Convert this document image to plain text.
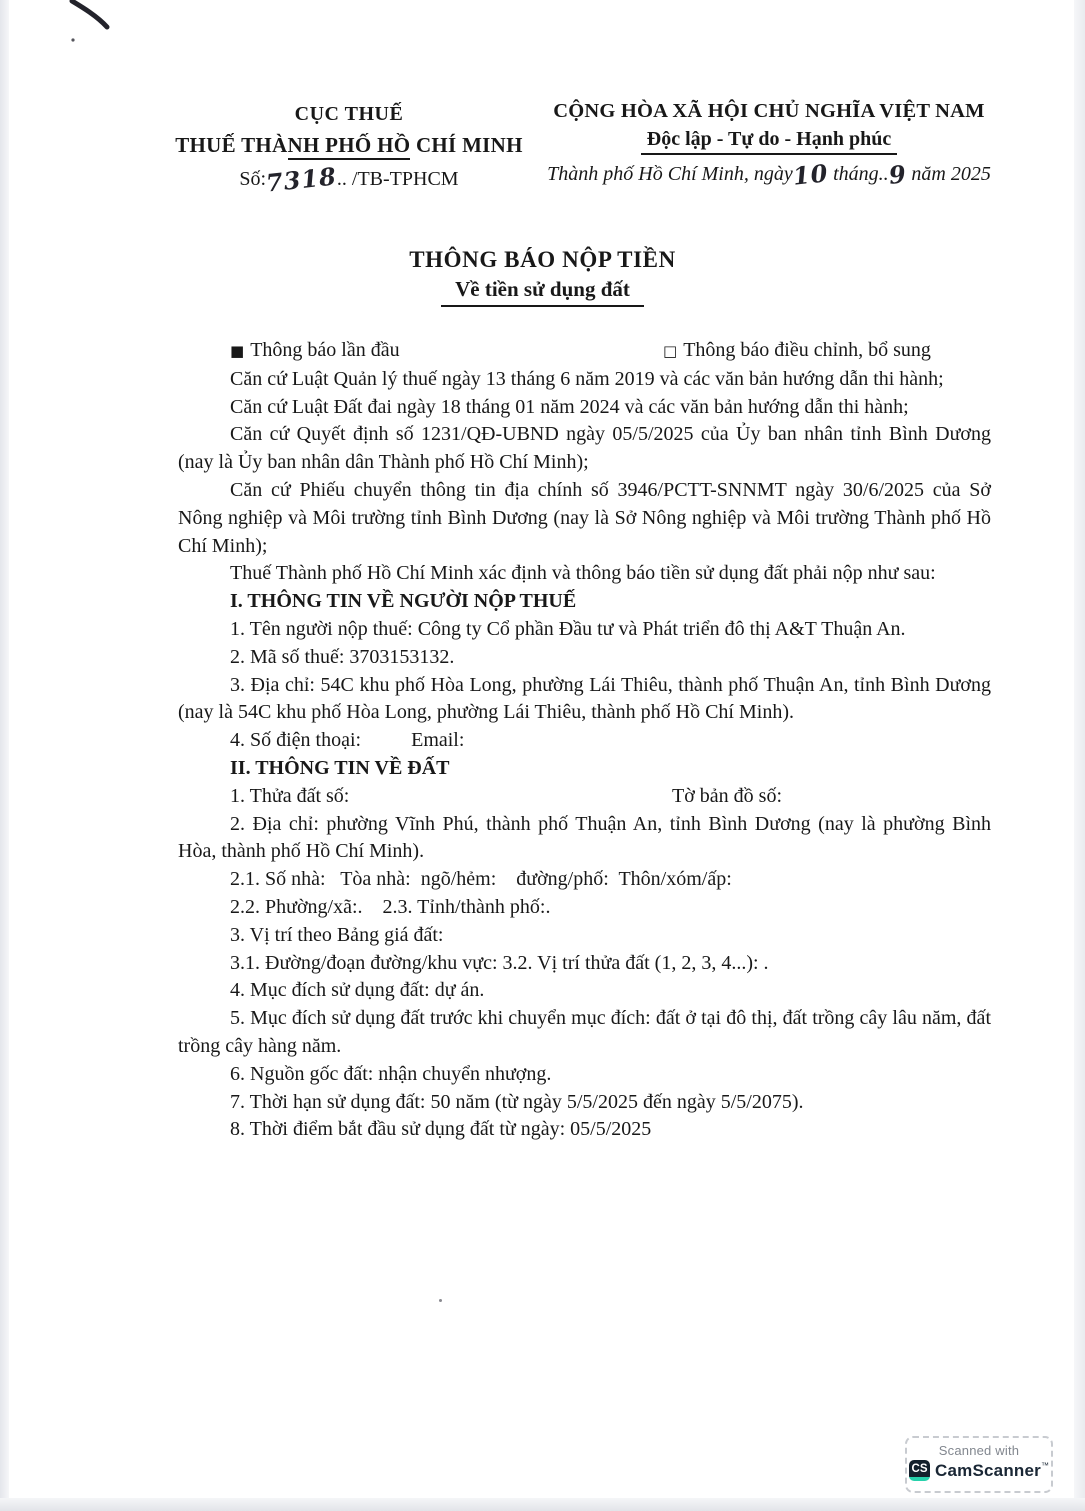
CỤC THUẾ
THUẾ THÀNH PHỐ HỒ CHÍ MINH
Số:7318.. /TB-TPHCM
CỘNG HÒA XÃ HỘI CHỦ NGHĨA VIỆT NAM
Độc lập - Tự do - Hạnh phúc
Thành phố Hồ Chí Minh, ngày10 tháng..9 năm 2025
THÔNG BÁO NỘP TIỀN
Về tiền sử dụng đất

■ Thông báo lần đầu	□ Thông báo điều chỉnh, bổ sung

Căn cứ Luật Quản lý thuế ngày 13 tháng 6 năm 2019 và các văn bản hướng dẫn thi hành;

Căn cứ Luật Đất đai ngày 18 tháng 01 năm 2024 và các văn bản hướng dẫn thi hành;

Căn cứ Quyết định số 1231/QĐ-UBND ngày 05/5/2025 của Ủy ban nhân tỉnh Bình Dương (nay là Ủy ban nhân dân Thành phố Hồ Chí Minh);

Căn cứ Phiếu chuyển thông tin địa chính số 3946/PCTT-SNNMT ngày 30/6/2025 của Sở Nông nghiệp và Môi trường tỉnh Bình Dương (nay là Sở Nông nghiệp và Môi trường Thành phố Hồ Chí Minh);

Thuế Thành phố Hồ Chí Minh xác định và thông báo tiền sử dụng đất phải nộp như sau:

I. THÔNG TIN VỀ NGƯỜI NỘP THUẾ

1. Tên người nộp thuế: Công ty Cổ phần Đầu tư và Phát triển đô thị A&T Thuận An.

2. Mã số thuế: 3703153132.

3. Địa chỉ: 54C khu phố Hòa Long, phường Lái Thiêu, thành phố Thuận An, tỉnh Bình Dương (nay là 54C khu phố Hòa Long, phường Lái Thiêu, thành phố Hồ Chí Minh).

4. Số điện thoại:          Email:

II. THÔNG TIN VỀ ĐẤT

1. Thửa đất số:	Tờ bản đồ số:

2. Địa chỉ: phường Vĩnh Phú, thành phố Thuận An, tỉnh Bình Dương (nay là phường Bình Hòa, thành phố Hồ Chí Minh).

2.1. Số nhà:   Tòa nhà:  ngõ/hẻm:    đường/phố:  Thôn/xóm/ấp:

2.2. Phường/xã:.    2.3. Tỉnh/thành phố:.

3. Vị trí theo Bảng giá đất:

3.1. Đường/đoạn đường/khu vực: 3.2. Vị trí thửa đất (1, 2, 3, 4...): .

4. Mục đích sử dụng đất: dự án.

5. Mục đích sử dụng đất trước khi chuyển mục đích: đất ở tại đô thị, đất trồng cây lâu năm, đất trồng cây hàng năm.

6. Nguồn gốc đất: nhận chuyển nhượng.

7. Thời hạn sử dụng đất: 50 năm (từ ngày 5/5/2025 đến ngày 5/5/2075).

8. Thời điểm bắt đầu sử dụng đất từ ngày: 05/5/2025

Scanned with
CS CamScanner™
